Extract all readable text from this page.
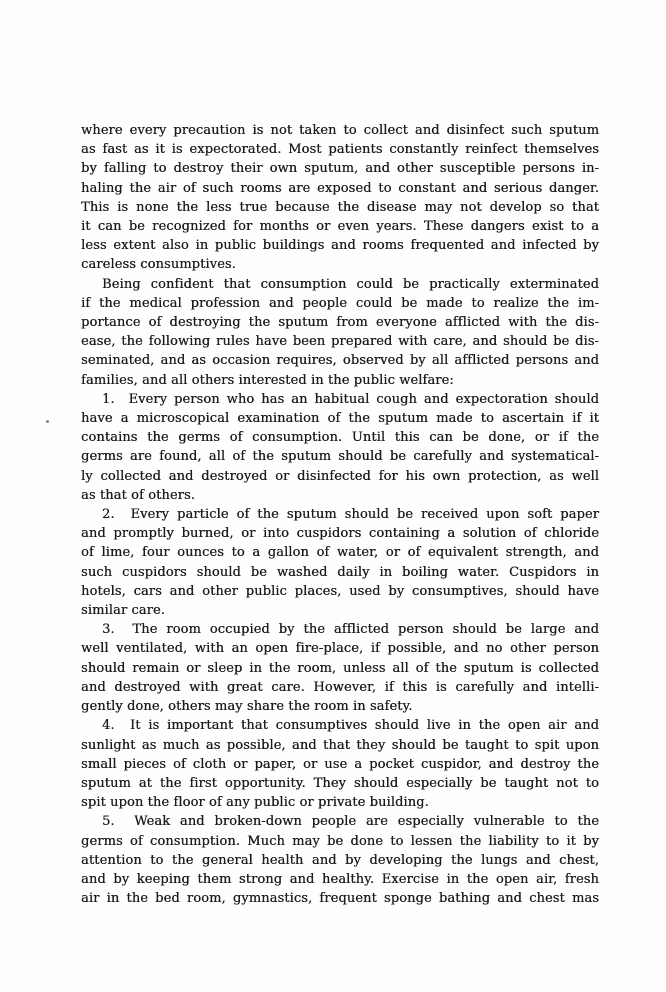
where every precaution is not taken to collect and disinfect such sputum
as fast as it is expectorated. Most patients constantly reinfect themselves
by falling to destroy their own sputum, and other susceptible persons in-
haling the air of such rooms are exposed to constant and serious danger.
This is none the less true because the disease may not develop so that
it can be recognized for months or even years. These dangers exist to a
less extent also in public buildings and rooms frequented and infected by
careless consumptives.
Being confident that consumption could be practically exterminated
if the medical profession and people could be made to realize the im-
portance of destroying the sputum from everyone afflicted with the dis-
ease, the following rules have been prepared with care, and should be dis-
seminated, and as occasion requires, observed by all afflicted persons and
families, and all others interested in the public welfare:
1.  Every person who has an habitual cough and expectoration should
have a microscopical examination of the sputum made to ascertain if it
contains the germs of consumption. Until this can be done, or if the
germs are found, all of the sputum should be carefully and systematical-
ly collected and destroyed or disinfected for his own protection, as well
as that of others.
2.  Every particle of the sputum should be received upon soft paper
and promptly burned, or into cuspidors containing a solution of chloride
of lime, four ounces to a gallon of water, or of equivalent strength, and
such cuspidors should be washed daily in boiling water. Cuspidors in
hotels, cars and other public places, used by consumptives, should have
similar care.
3.  The room occupied by the afflicted person should be large and
well ventilated, with an open fire-place, if possible, and no other person
should remain or sleep in the room, unless all of the sputum is collected
and destroyed with great care. However, if this is carefully and intelli-
gently done, others may share the room in safety.
4.  It is important that consumptives should live in the open air and
sunlight as much as possible, and that they should be taught to spit upon
small pieces of cloth or paper, or use a pocket cuspidor, and destroy the
sputum at the first opportunity. They should especially be taught not to
spit upon the floor of any public or private building.
5.  Weak and broken-down people are especially vulnerable to the
germs of consumption. Much may be done to lessen the liability to it by
attention to the general health and by developing the lungs and chest,
and by keeping them strong and healthy. Exercise in the open air, fresh
air in the bed room, gymnastics, frequent sponge bathing and chest mas
